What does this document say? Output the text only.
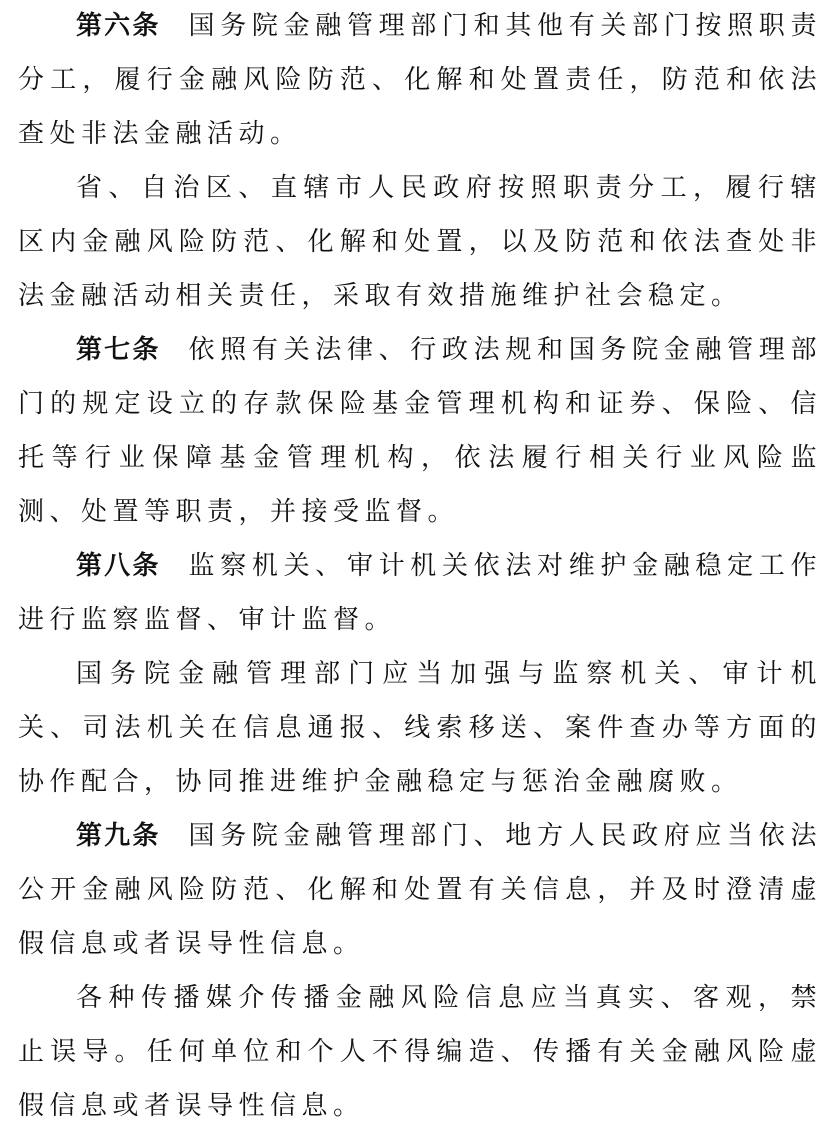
第六条 国务院金融管理部门和其他有关部门按照职责分工，履行金融风险防范、化解和处置责任，防范和依法查处非法金融活动。

省、自治区、直辖市人民政府按照职责分工，履行辖区内金融风险防范、化解和处置，以及防范和依法查处非法金融活动相关责任，采取有效措施维护社会稳定。

第七条 依照有关法律、行政法规和国务院金融管理部门的规定设立的存款保险基金管理机构和证券、保险、信托等行业保障基金管理机构，依法履行相关行业风险监测、处置等职责，并接受监督。

第八条 监察机关、审计机关依法对维护金融稳定工作进行监察监督、审计监督。

国务院金融管理部门应当加强与监察机关、审计机关、司法机关在信息通报、线索移送、案件查办等方面的协作配合，协同推进维护金融稳定与惩治金融腐败。

第九条 国务院金融管理部门、地方人民政府应当依法公开金融风险防范、化解和处置有关信息，并及时澄清虚假信息或者误导性信息。

各种传播媒介传播金融风险信息应当真实、客观，禁止误导。任何单位和个人不得编造、传播有关金融风险虚假信息或者误导性信息。
